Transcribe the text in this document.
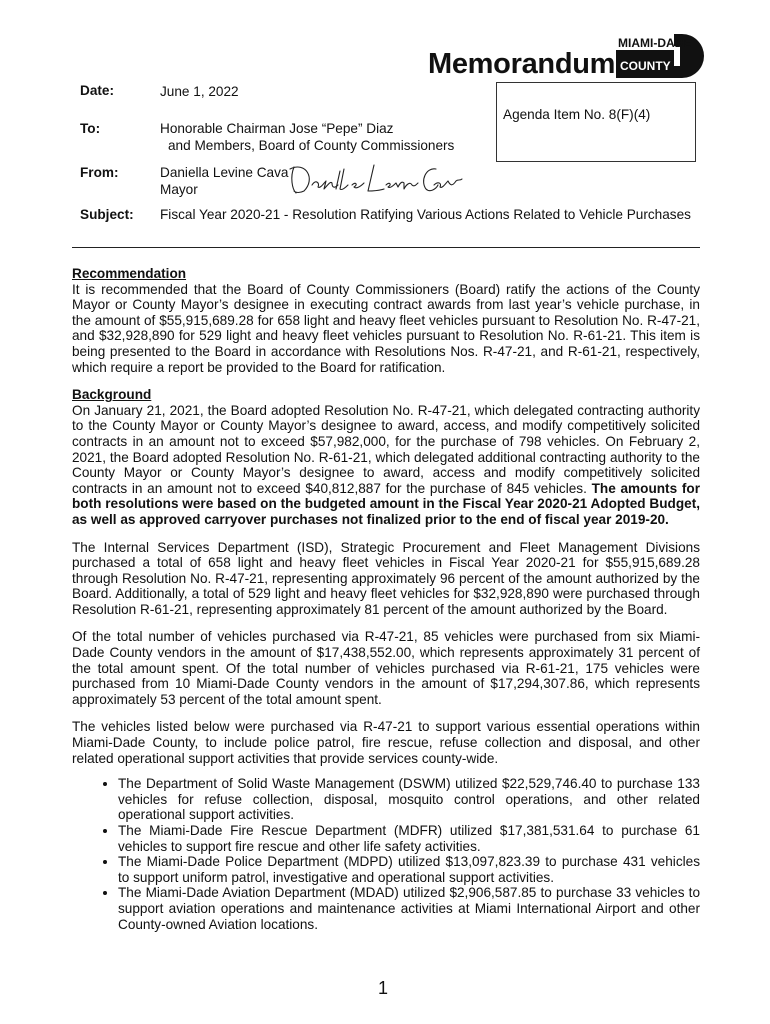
Memorandum
MIAMI-DADE
COUNTY
Date:	June 1, 2022
Agenda Item No. 8(F)(4)
To:	Honorable Chairman Jose “Pepe” Diaz
and Members, Board of County Commissioners
From:	Daniella Levine Cava
Mayor
Subject: Fiscal Year 2020-21 - Resolution Ratifying Various Actions Related to Vehicle Purchases

Recommendation

It is recommended that the Board of County Commissioners (Board) ratify the actions of the County Mayor or County Mayor’s designee in executing contract awards from last year’s vehicle purchase, in the amount of $55,915,689.28 for 658 light and heavy fleet vehicles pursuant to Resolution No. R-47-21, and $32,928,890 for 529 light and heavy fleet vehicles pursuant to Resolution No. R-61-21. This item is being presented to the Board in accordance with Resolutions Nos. R-47-21, and R-61-21, respectively, which require a report be provided to the Board for ratification.

Background

On January 21, 2021, the Board adopted Resolution No. R-47-21, which delegated contracting authority to the County Mayor or County Mayor’s designee to award, access, and modify competitively solicited contracts in an amount not to exceed $57,982,000, for the purchase of 798 vehicles. On February 2, 2021, the Board adopted Resolution No. R-61-21, which delegated additional contracting authority to the County Mayor or County Mayor’s designee to award, access and modify competitively solicited contracts in an amount not to exceed $40,812,887 for the purchase of 845 vehicles. The amounts for both resolutions were based on the budgeted amount in the Fiscal Year 2020-21 Adopted Budget, as well as approved carryover purchases not finalized prior to the end of fiscal year 2019-20.

The Internal Services Department (ISD), Strategic Procurement and Fleet Management Divisions purchased a total of 658 light and heavy fleet vehicles in Fiscal Year 2020-21 for $55,915,689.28 through Resolution No. R-47-21, representing approximately 96 percent of the amount authorized by the Board. Additionally, a total of 529 light and heavy fleet vehicles for $32,928,890 were purchased through Resolution R-61-21, representing approximately 81 percent of the amount authorized by the Board.

Of the total number of vehicles purchased via R-47-21, 85 vehicles were purchased from six Miami-Dade County vendors in the amount of $17,438,552.00, which represents approximately 31 percent of the total amount spent. Of the total number of vehicles purchased via R-61-21, 175 vehicles were purchased from 10 Miami-Dade County vendors in the amount of $17,294,307.86, which represents approximately 53 percent of the total amount spent.

The vehicles listed below were purchased via R-47-21 to support various essential operations within Miami-Dade County, to include police patrol, fire rescue, refuse collection and disposal, and other related operational support activities that provide services county-wide.

• The Department of Solid Waste Management (DSWM) utilized $22,529,746.40 to purchase 133 vehicles for refuse collection, disposal, mosquito control operations, and other related operational support activities.
• The Miami-Dade Fire Rescue Department (MDFR) utilized $17,381,531.64 to purchase 61 vehicles to support fire rescue and other life safety activities.
• The Miami-Dade Police Department (MDPD) utilized $13,097,823.39 to purchase 431 vehicles to support uniform patrol, investigative and operational support activities.
• The Miami-Dade Aviation Department (MDAD) utilized $2,906,587.85 to purchase 33 vehicles to support aviation operations and maintenance activities at Miami International Airport and other County-owned Aviation locations.
1
